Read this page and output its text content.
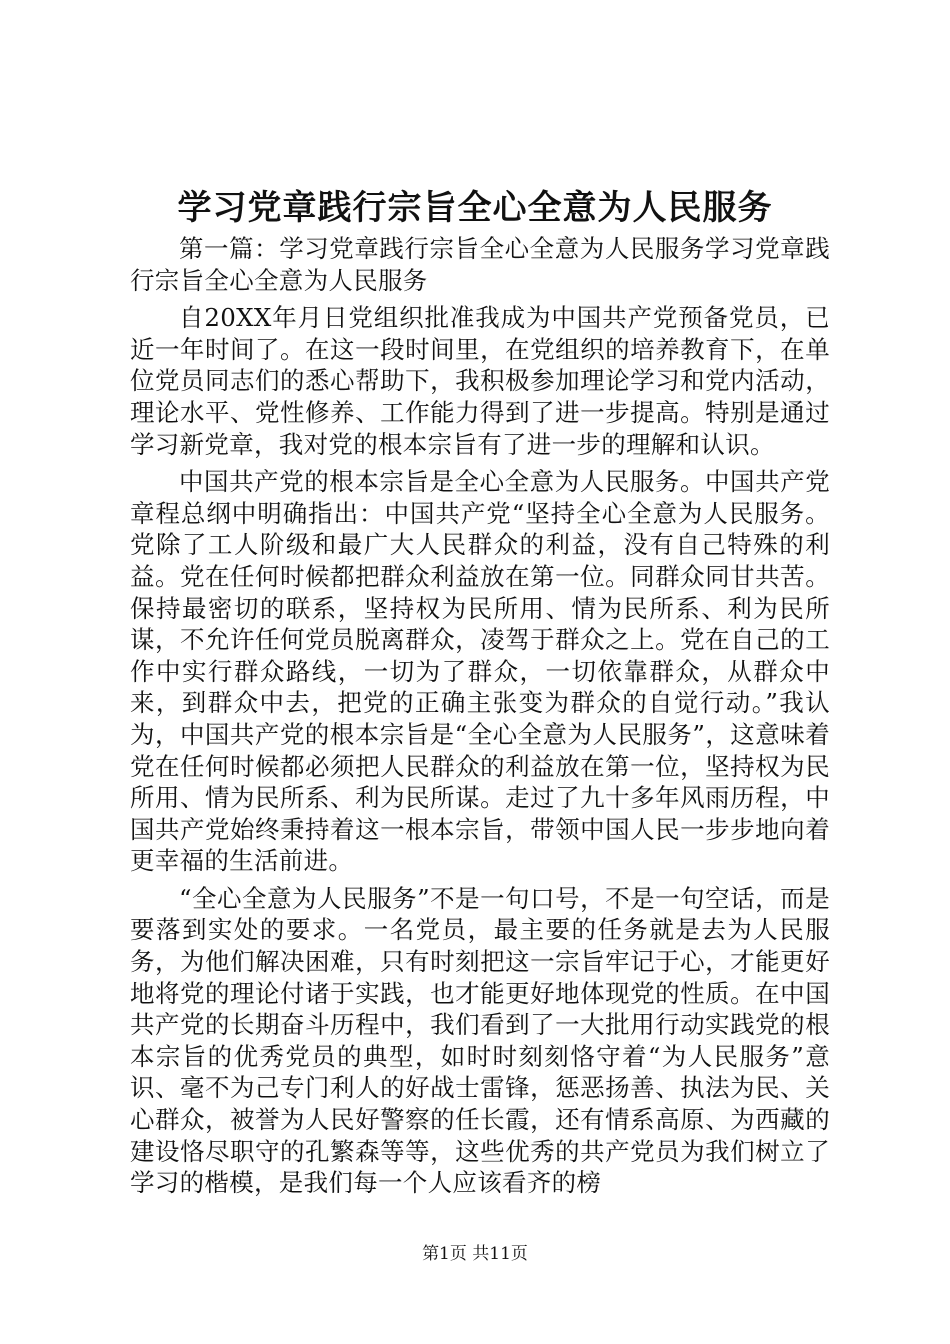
学习党章践行宗旨全心全意为人民服务

第一篇：学习党章践行宗旨全心全意为人民服务学习党章践行宗旨全心全意为人民服务

自20XX年月日党组织批准我成为中国共产党预备党员，已近一年时间了。在这一段时间里，在党组织的培养教育下，在单位党员同志们的悉心帮助下，我积极参加理论学习和党内活动，理论水平、党性修养、工作能力得到了进一步提高。特别是通过学习新党章，我对党的根本宗旨有了进一步的理解和认识。

中国共产党的根本宗旨是全心全意为人民服务。中国共产党章程总纲中明确指出：中国共产党“坚持全心全意为人民服务。党除了工人阶级和最广大人民群众的利益，没有自己特殊的利益。党在任何时候都把群众利益放在第一位。同群众同甘共苦。保持最密切的联系，坚持权为民所用、情为民所系、利为民所谋，不允许任何党员脱离群众，凌驾于群众之上。党在自己的工作中实行群众路线，一切为了群众，一切依靠群众，从群众中来，到群众中去，把党的正确主张变为群众的自觉行动。”我认为，中国共产党的根本宗旨是“全心全意为人民服务”，这意味着党在任何时候都必须把人民群众的利益放在第一位，坚持权为民所用、情为民所系、利为民所谋。走过了九十多年风雨历程，中国共产党始终秉持着这一根本宗旨，带领中国人民一步步地向着更幸福的生活前进。

“全心全意为人民服务”不是一句口号，不是一句空话，而是要落到实处的要求。一名党员，最主要的任务就是去为人民服务，为他们解决困难，只有时刻把这一宗旨牢记于心，才能更好地将党的理论付诸于实践，也才能更好地体现党的性质。在中国共产党的长期奋斗历程中，我们看到了一大批用行动实践党的根本宗旨的优秀党员的典型，如时时刻刻恪守着“为人民服务”意识、毫不为己专门利人的好战士雷锋，惩恶扬善、执法为民、关心群众，被誉为人民好警察的任长霞，还有情系高原、为西藏的建设恪尽职守的孔繁森等等，这些优秀的共产党员为我们树立了学习的楷模，是我们每一个人应该看齐的榜

第1页 共11页
